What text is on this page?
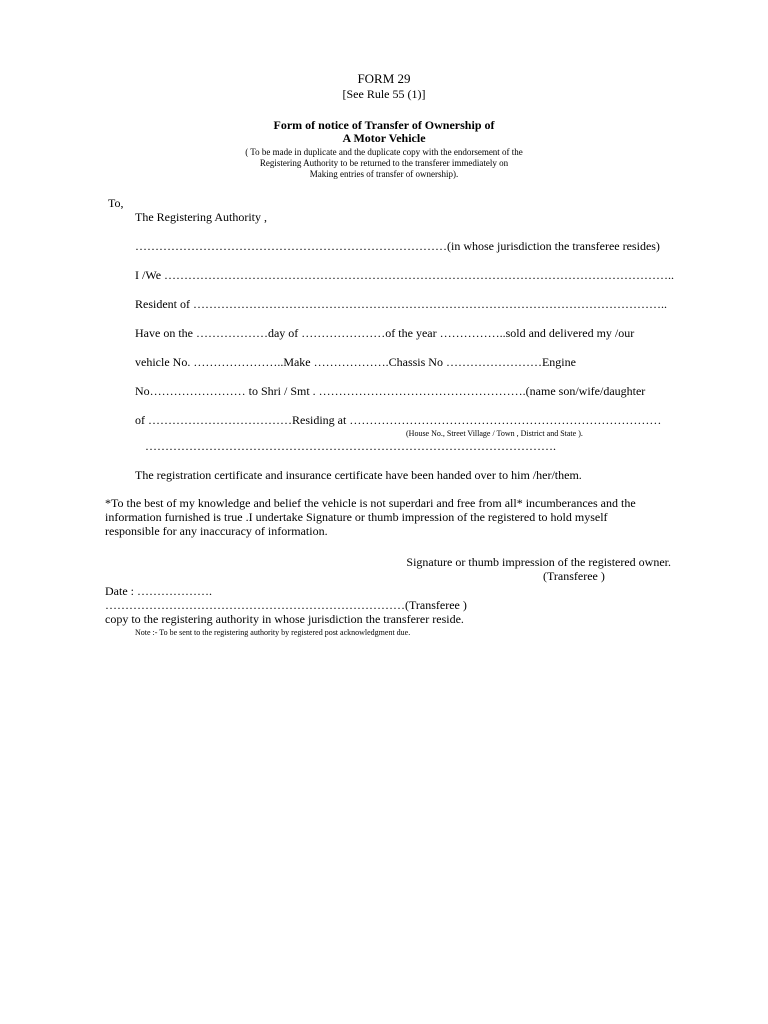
FORM 29
[See Rule 55 (1)]
Form of notice of Transfer of Ownership of
A Motor Vehicle
( To be made in duplicate and the duplicate copy with the endorsement of the
Registering Authority to be returned to the transferer immediately on
Making entries of transfer of ownership).
To,
The Registering Authority ,
……………………………………………………………………(in whose jurisdiction the transferee resides)
I /We ………………………………………………………………………………………………………………..
Resident of ………………………………………………………………………………………………………..
Have on the ………………day of …………………of the year ……………..sold and delivered my /our
vehicle No. …………………..Make ……………….Chassis No ……………………Engine
No…………………… to Shri / Smt . …………………………………………….(name son/wife/daughter
of ………………………………Residing at ……………………………………………………………………
(House No., Street Village / Town , District and State ).
………………………………………………………………………………………….
The registration certificate and insurance certificate have been handed over to him /her/them.
*To the best of my knowledge and belief the vehicle is not superdari and free from all* incumberances and the
information furnished is true .I undertake Signature or thumb impression of the registered to hold myself
responsible for any inaccuracy of information.
Signature or thumb impression of the registered owner.
(Transferee )
Date : ……………….
…………………………………………………………………(Transferee )
copy to the registering authority in whose jurisdiction the transferer reside.
Note :- To be sent to the registering authority by registered post acknowledgment due.
